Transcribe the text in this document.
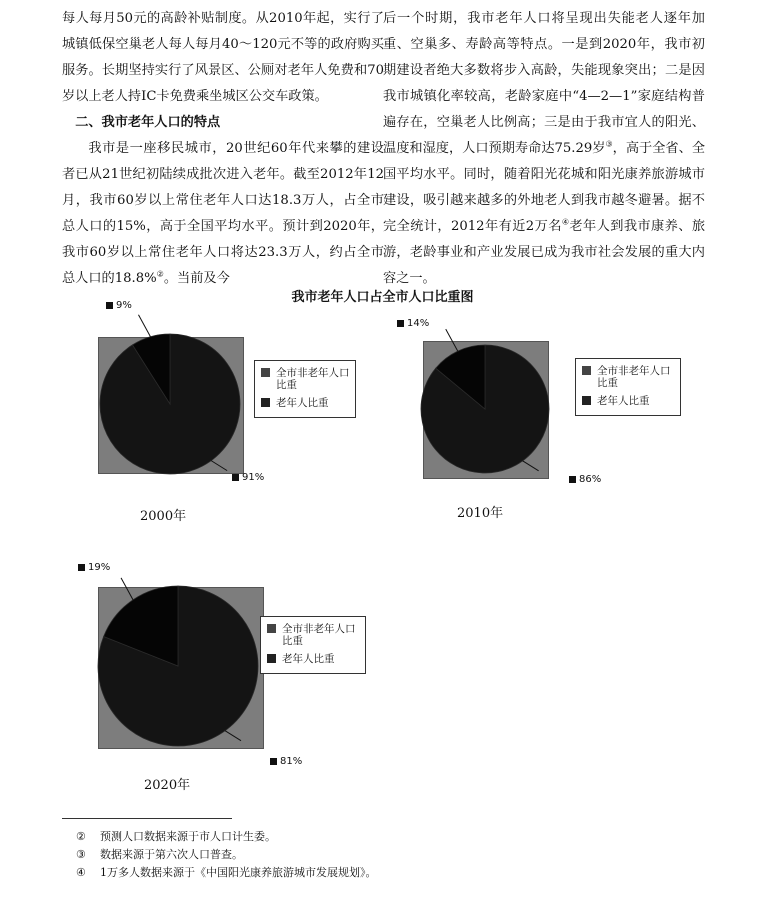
每人每月50元的高龄补贴制度。从2010年起，实行了城镇低保空巢老人每人每月40～120元不等的政府购买服务。长期坚持实行了风景区、公厕对老年人免费和70岁以上老人持IC卡免费乘坐城区公交车政策。

二、我市老年人口的特点

我市是一座移民城市，20世纪60年代来攀的建设者已从21世纪初陆续成批次进入老年。截至2012年12月，我市60岁以上常住老年人口达18.3万人，占全市总人口的15%，高于全国平均水平。预计到2020年，我市60岁以上常住老年人口将达23.3万人，约占全市总人口的18.8%②。当前及今

后一个时期，我市老年人口将呈现出失能老人逐年加重、空巢多、寿龄高等特点。一是到2020年，我市初期建设者绝大多数将步入高龄，失能现象突出；二是因我市城镇化率较高，老龄家庭中“4—2—1”家庭结构普遍存在，空巢老人比例高；三是由于我市宜人的阳光、温度和湿度，人口预期寿命达75.29岁③，高于全省、全国平均水平。同时，随着阳光花城和阳光康养旅游城市建设，吸引越来越多的外地老人到我市越冬避暑。据不完全统计，2012年有近2万名④老年人到我市康养、旅游，老龄事业和产业发展已成为我市社会发展的重大内容之一。

我市老年人口占全市人口比重图
全市非老年人口比重
老年人比重
9%
91%
2000年
全市非老年人口比重
老年人比重
14%
86%
2010年
全市非老年人口比重
老年人比重
19%
81%
2020年
②	预测人口数据来源于市人口计生委。
③	数据来源于第六次人口普查。
④	1万多人数据来源于《中国阳光康养旅游城市发展规划》。
